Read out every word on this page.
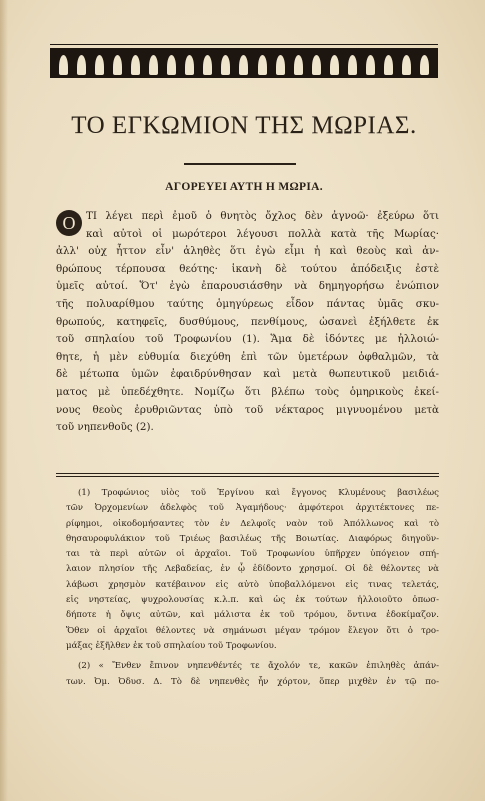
ΤΟ ΕΓΚΩΜΙΟΝ ΤΗΣ ΜΩΡΙΑΣ.
ΑΓΟΡΕΥΕΙ ΑΥΤΗ Η ΜΩΡΙΑ.
Ο	ΤΙ λέγει περὶ ἐμοῦ ὁ θνητὸς ὄχλος δὲν ἀγνοῶ· ἐξεύρω ὅτι
καὶ αὐτοὶ οἱ μωρότεροι λέγουσι πολλὰ κατὰ τῆς Μωρίας·
ἀλλ' οὐχ ἧττον εἶν' ἀληθὲς ὅτι ἐγὼ εἶμι ἡ καὶ θεοὺς καὶ ἀν-
θρώπους τέρπουσα θεότης· ἱκανὴ δὲ τούτου ἀπόδειξις ἐστὲ
ὑμεῖς αὐτοί. Ὅτ' ἐγὼ ἐπαρουσιάσθην νὰ δημηγορήσω ἐνώπιον
τῆς πολυαρίθμου ταύτης ὁμηγύρεως εἶδον πάντας ὑμᾶς σκυ-
θρωπούς, κατηφεῖς, δυσθύμους, πενθίμους, ὡσανεὶ ἐξήλθετε ἐκ
τοῦ σπηλαίου τοῦ Τροφωνίου (1). Ἅμα δὲ ἰδόντες με ἠλλοιώ-
θητε, ἡ μὲν εὐθυμία διεχύθη ἐπὶ τῶν ὑμετέρων ὀφθαλμῶν, τὰ
δὲ μέτωπα ὑμῶν ἐφαιδρύνθησαν καὶ μετὰ θωπευτικοῦ μειδιά-
ματος μὲ ὑπεδέχθητε. Νομίζω ὅτι βλέπω τοὺς ὁμηρικοὺς ἐκεί-
νους θεοὺς ἐρυθριῶντας ὑπὸ τοῦ νέκταρος μιγνυομένου μετὰ
τοῦ νηπενθοῦς (2).
(1) Τροφώνιος υἱὸς τοῦ Ἐργίνου καὶ ἔγγονος Κλυμένους βασιλέως
τῶν Ὀρχομενίων ἀδελφὸς τοῦ Ἀγαμήδους· ἀμφότεροι ἀρχιτέκτονες πε-
ρίφημοι, οἰκοδομήσαντες τὸν ἐν Δελφοῖς ναὸν τοῦ Ἀπόλλωνος καὶ τὸ
θησαυροφυλάκιον τοῦ Τριέως βασιλέως τῆς Βοιωτίας. Διαφόρως διηγοῦν-
ται τὰ περὶ αὐτῶν οἱ ἀρχαῖοι. Τοῦ Τροφωνίου ὑπῆρχεν ὑπόγειον σπή-
λαιον πλησίον τῆς Λεβαδείας, ἐν ᾧ ἐδίδοντο χρησμοί. Οἱ δὲ θέλοντες νὰ
λάβωσι χρησμὸν κατέβαινον εἰς αὐτὸ ὑποβαλλόμενοι εἰς τινας τελετάς,
εἰς νηστείας, ψυχρολουσίας κ.λ.π. καὶ ὡς ἐκ τούτων ἠλλοιοῦτο ὁπωσ-
δήποτε ἡ ὄψις αὐτῶν, καὶ μάλιστα ἐκ τοῦ τρόμου, ὅντινα ἐδοκίμαζον.
Ὅθεν οἱ ἀρχαῖοι θέλοντες νὰ σημάνωσι μέγαν τρόμον ἔλεγον ὅτι ὁ τρο-
μάξας ἐξῆλθεν ἐκ τοῦ σπηλαίου τοῦ Τροφωνίου.
(2) « Ἔνθεν ἔπινον νηπενθέντές τε ἄχολόν τε, κακῶν ἐπιληθὲς ἁπάν-
των. Ὀμ. Ὀδυσ. Δ. Τὸ δὲ νηπενθὲς ἦν χόρτον, ὅπερ μιχθὲν ἐν τῷ πο-
